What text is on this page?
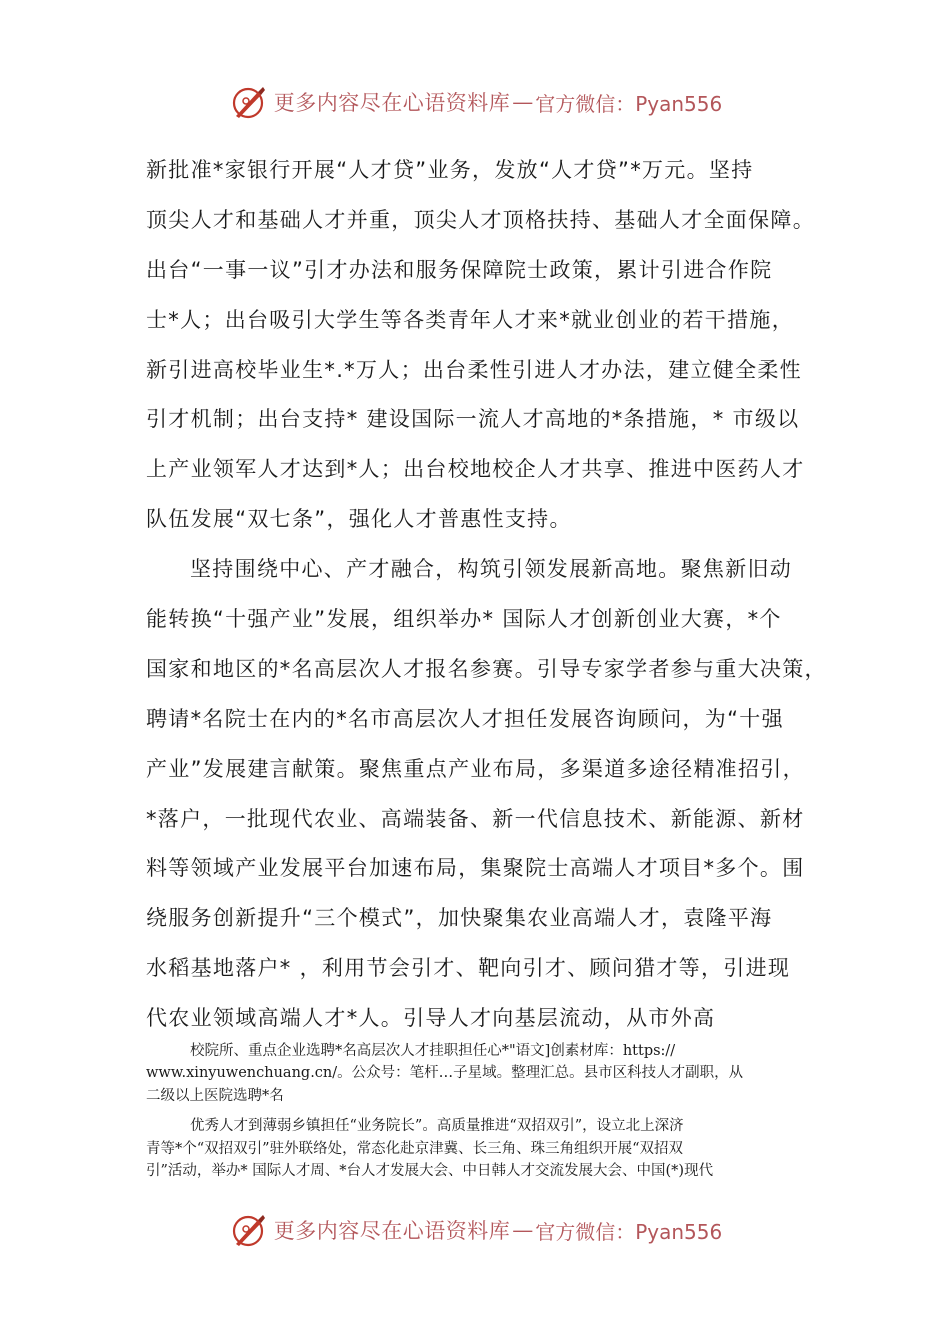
更多内容尽在心语资料库 — 官方微信：Pyan556
新批准*家银行开展“人才贷”业务，发放“人才贷”*万元。坚持
顶尖人才和基础人才并重，顶尖人才顶格扶持、基础人才全面保障。
出台“一事一议”引才办法和服务保障院士政策，累计引进合作院
士*人；出台吸引大学生等各类青年人才来*就业创业的若干措施，
新引进高校毕业生*.*万人；出台柔性引进人才办法，建立健全柔性
引才机制；出台支持* 建设国际一流人才高地的*条措施，* 市级以
上产业领军人才达到*人；出台校地校企人才共享、推进中医药人才
队伍发展“双七条”，强化人才普惠性支持。
坚持围绕中心、产才融合，构筑引领发展新高地。聚焦新旧动
能转换“十强产业”发展，组织举办* 国际人才创新创业大赛，*个
国家和地区的*名高层次人才报名参赛。引导专家学者参与重大决策，
聘请*名院士在内的*名市高层次人才担任发展咨询顾问，为“十强
产业”发展建言献策。聚焦重点产业布局，多渠道多途径精准招引，
*落户，一批现代农业、高端装备、新一代信息技术、新能源、新材
料等领域产业发展平台加速布局，集聚院士高端人才项目*多个。围
绕服务创新提升“三个模式”，加快聚集农业高端人才，袁隆平海
水稻基地落户* ，利用节会引才、靶向引才、顾问猎才等，引进现
代农业领域高端人才*人。引导人才向基层流动，从市外高
校院所、重点企业选聘*名高层次人才挂职担任心*"语文]创素材库：https://
www.xinyuwenchuang.cn/。公众号：笔杆…子星域。整理汇总。县市区科技人才副职，从
二级以上医院选聘*名
优秀人才到薄弱乡镇担任“业务院长”。高质量推进“双招双引”，设立北上深济
青等*个“双招双引”驻外联络处，常态化赴京津冀、长三角、珠三角组织开展“双招双
引”活动，举办* 国际人才周、*台人才发展大会、中日韩人才交流发展大会、中国(*)现代
更多内容尽在心语资料库 — 官方微信：Pyan556
